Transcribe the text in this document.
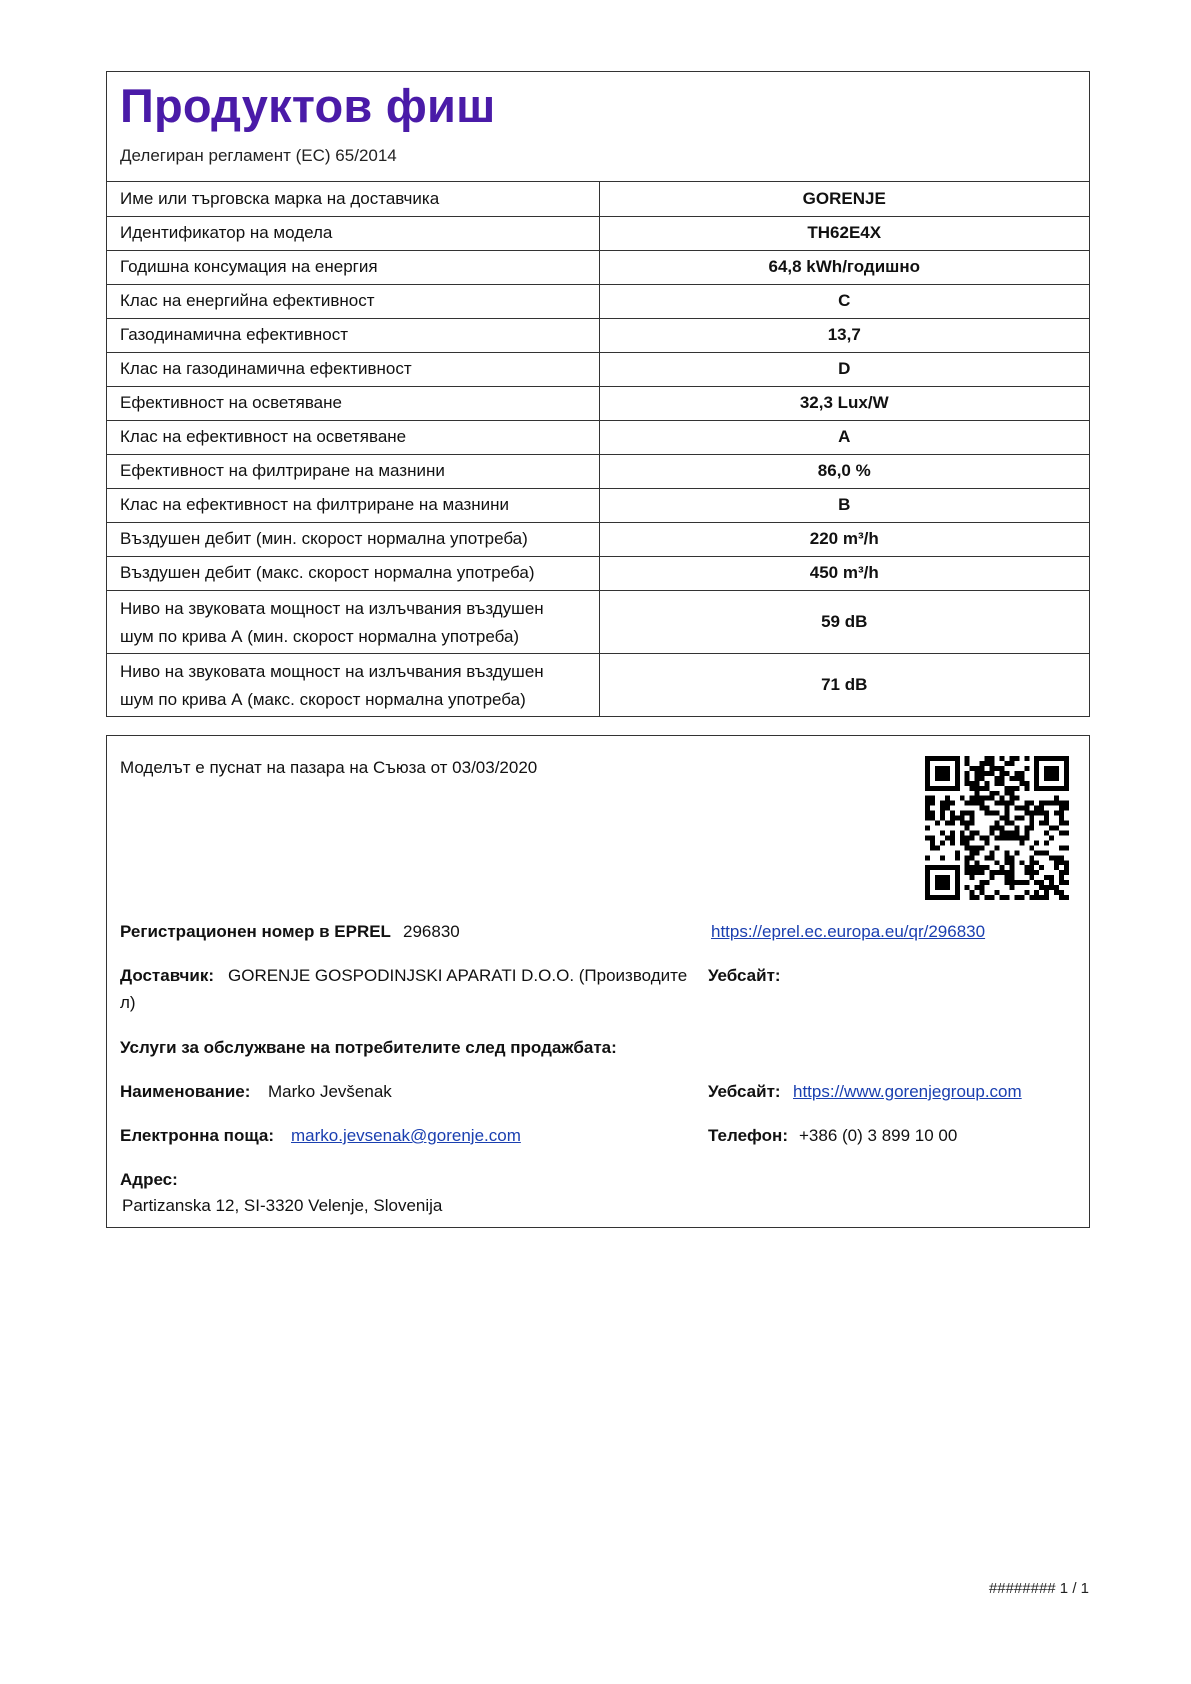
Продуктов фиш
Делегиран регламент (ЕС) 65/2014
Име или търговска марка на доставчика	GORENJE
Идентификатор на модела	TH62E4X
Годишна консумация на енергия	64,8 kWh/годишно
Клас на енергийна ефективност	C
Газодинамична ефективност	13,7
Клас на газодинамична ефективност	D
Ефективност на осветяване	32,3 Lux/W
Клас на ефективност на осветяване	A
Ефективност на филтриране на мазнини	86,0 %
Клас на ефективност на филтриране на мазнини	B
Въздушен дебит (мин. скорост нормална употреба)	220 m³/h
Въздушен дебит (макс. скорост нормална употреба)	450 m³/h

Ниво на звуковата мощност на излъчвания въздушен
шум по крива А (мин. скорост нормална употреба)	59 dB

Ниво на звуковата мощност на излъчвания въздушен
шум по крива А (макс. скорост нормална употреба)	71 dB
Моделът е пуснат на пазара на Съюза от 03/03/2020
Регистрационен номер в EPREL 296830	https://eprel.ec.europa.eu/qr/296830
Доставчик: GORENJE GOSPODINJSKI APARATI D.O.O. (Производите
л)
Уебсайт:
Услуги за обслужване на потребителите след продажбата:
Наименование: Marko Jevšenak	Уебсайт: https://www.gorenjegroup.com
Електронна поща: marko.jevsenak@gorenje.com	Телефон: +386 (0) 3 899 10 00
Адрес:
Partizanska 12, SI-3320 Velenje, Slovenija
######## 1 / 1
